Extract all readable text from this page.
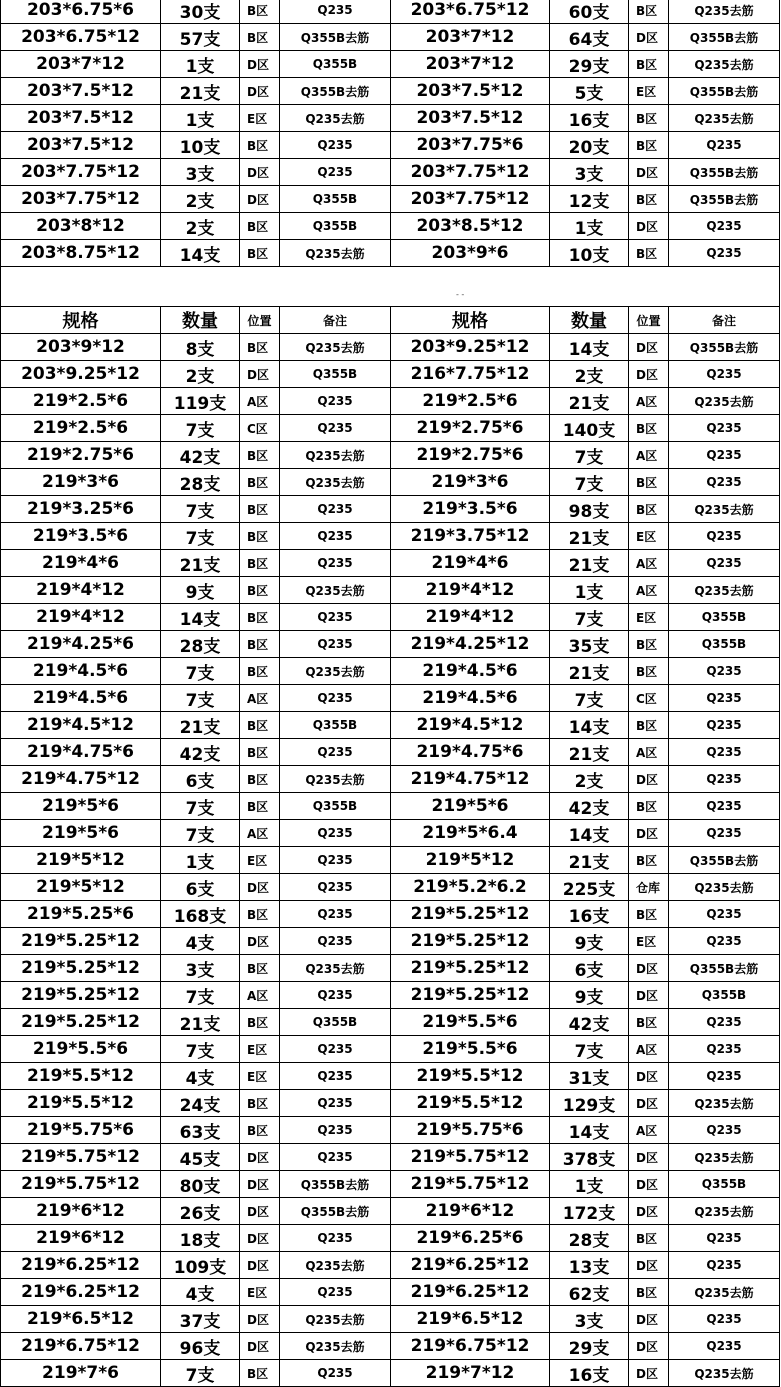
203*6.75*6	30支	B区	Q235	203*6.75*12	60支	B区	Q235去筋
203*6.75*12	57支	B区	Q355B去筋	203*7*12	64支	D区	Q355B去筋
203*7*12	1支	D区	Q355B	203*7*12	29支	B区	Q235去筋
203*7.5*12	21支	D区	Q355B去筋	203*7.5*12	5支	E区	Q355B去筋
203*7.5*12	1支	E区	Q235去筋	203*7.5*12	16支	B区	Q235去筋
203*7.5*12	10支	B区	Q235	203*7.75*6	20支	B区	Q235
203*7.75*12	3支	D区	Q235	203*7.75*12	3支	D区	Q355B去筋
203*7.75*12	2支	D区	Q355B	203*7.75*12	12支	B区	Q355B去筋
203*8*12	2支	B区	Q355B	203*8.5*12	1支	D区	Q235
203*8.75*12	14支	B区	Q235去筋	203*9*6	10支	B区	Q235
- -
规格	数量	位置	备注	规格	数量	位置	备注
203*9*12	8支	B区	Q235去筋	203*9.25*12	14支	D区	Q355B去筋
203*9.25*12	2支	D区	Q355B	216*7.75*12	2支	D区	Q235
219*2.5*6	119支	A区	Q235	219*2.5*6	21支	A区	Q235去筋
219*2.5*6	7支	C区	Q235	219*2.75*6	140支	B区	Q235
219*2.75*6	42支	B区	Q235去筋	219*2.75*6	7支	A区	Q235
219*3*6	28支	B区	Q235去筋	219*3*6	7支	B区	Q235
219*3.25*6	7支	B区	Q235	219*3.5*6	98支	B区	Q235去筋
219*3.5*6	7支	B区	Q235	219*3.75*12	21支	E区	Q235
219*4*6	21支	B区	Q235	219*4*6	21支	A区	Q235
219*4*12	9支	B区	Q235去筋	219*4*12	1支	A区	Q235去筋
219*4*12	14支	B区	Q235	219*4*12	7支	E区	Q355B
219*4.25*6	28支	B区	Q235	219*4.25*12	35支	B区	Q355B
219*4.5*6	7支	B区	Q235去筋	219*4.5*6	21支	B区	Q235
219*4.5*6	7支	A区	Q235	219*4.5*6	7支	C区	Q235
219*4.5*12	21支	B区	Q355B	219*4.5*12	14支	B区	Q235
219*4.75*6	42支	B区	Q235	219*4.75*6	21支	A区	Q235
219*4.75*12	6支	B区	Q235去筋	219*4.75*12	2支	D区	Q235
219*5*6	7支	B区	Q355B	219*5*6	42支	B区	Q235
219*5*6	7支	A区	Q235	219*5*6.4	14支	D区	Q235
219*5*12	1支	E区	Q235	219*5*12	21支	B区	Q355B去筋
219*5*12	6支	D区	Q235	219*5.2*6.2	225支	仓库	Q235去筋
219*5.25*6	168支	B区	Q235	219*5.25*12	16支	B区	Q235
219*5.25*12	4支	D区	Q235	219*5.25*12	9支	E区	Q235
219*5.25*12	3支	B区	Q235去筋	219*5.25*12	6支	D区	Q355B去筋
219*5.25*12	7支	A区	Q235	219*5.25*12	9支	D区	Q355B
219*5.25*12	21支	B区	Q355B	219*5.5*6	42支	B区	Q235
219*5.5*6	7支	E区	Q235	219*5.5*6	7支	A区	Q235
219*5.5*12	4支	E区	Q235	219*5.5*12	31支	D区	Q235
219*5.5*12	24支	B区	Q235	219*5.5*12	129支	D区	Q235去筋
219*5.75*6	63支	B区	Q235	219*5.75*6	14支	A区	Q235
219*5.75*12	45支	D区	Q235	219*5.75*12	378支	D区	Q235去筋
219*5.75*12	80支	D区	Q355B去筋	219*5.75*12	1支	D区	Q355B
219*6*12	26支	D区	Q355B去筋	219*6*12	172支	D区	Q235去筋
219*6*12	18支	D区	Q235	219*6.25*6	28支	B区	Q235
219*6.25*12	109支	D区	Q235去筋	219*6.25*12	13支	D区	Q235
219*6.25*12	4支	E区	Q235	219*6.25*12	62支	B区	Q235去筋
219*6.5*12	37支	D区	Q235去筋	219*6.5*12	3支	D区	Q235
219*6.75*12	96支	D区	Q235去筋	219*6.75*12	29支	D区	Q235
219*7*6	7支	B区	Q235	219*7*12	16支	D区	Q235去筋
